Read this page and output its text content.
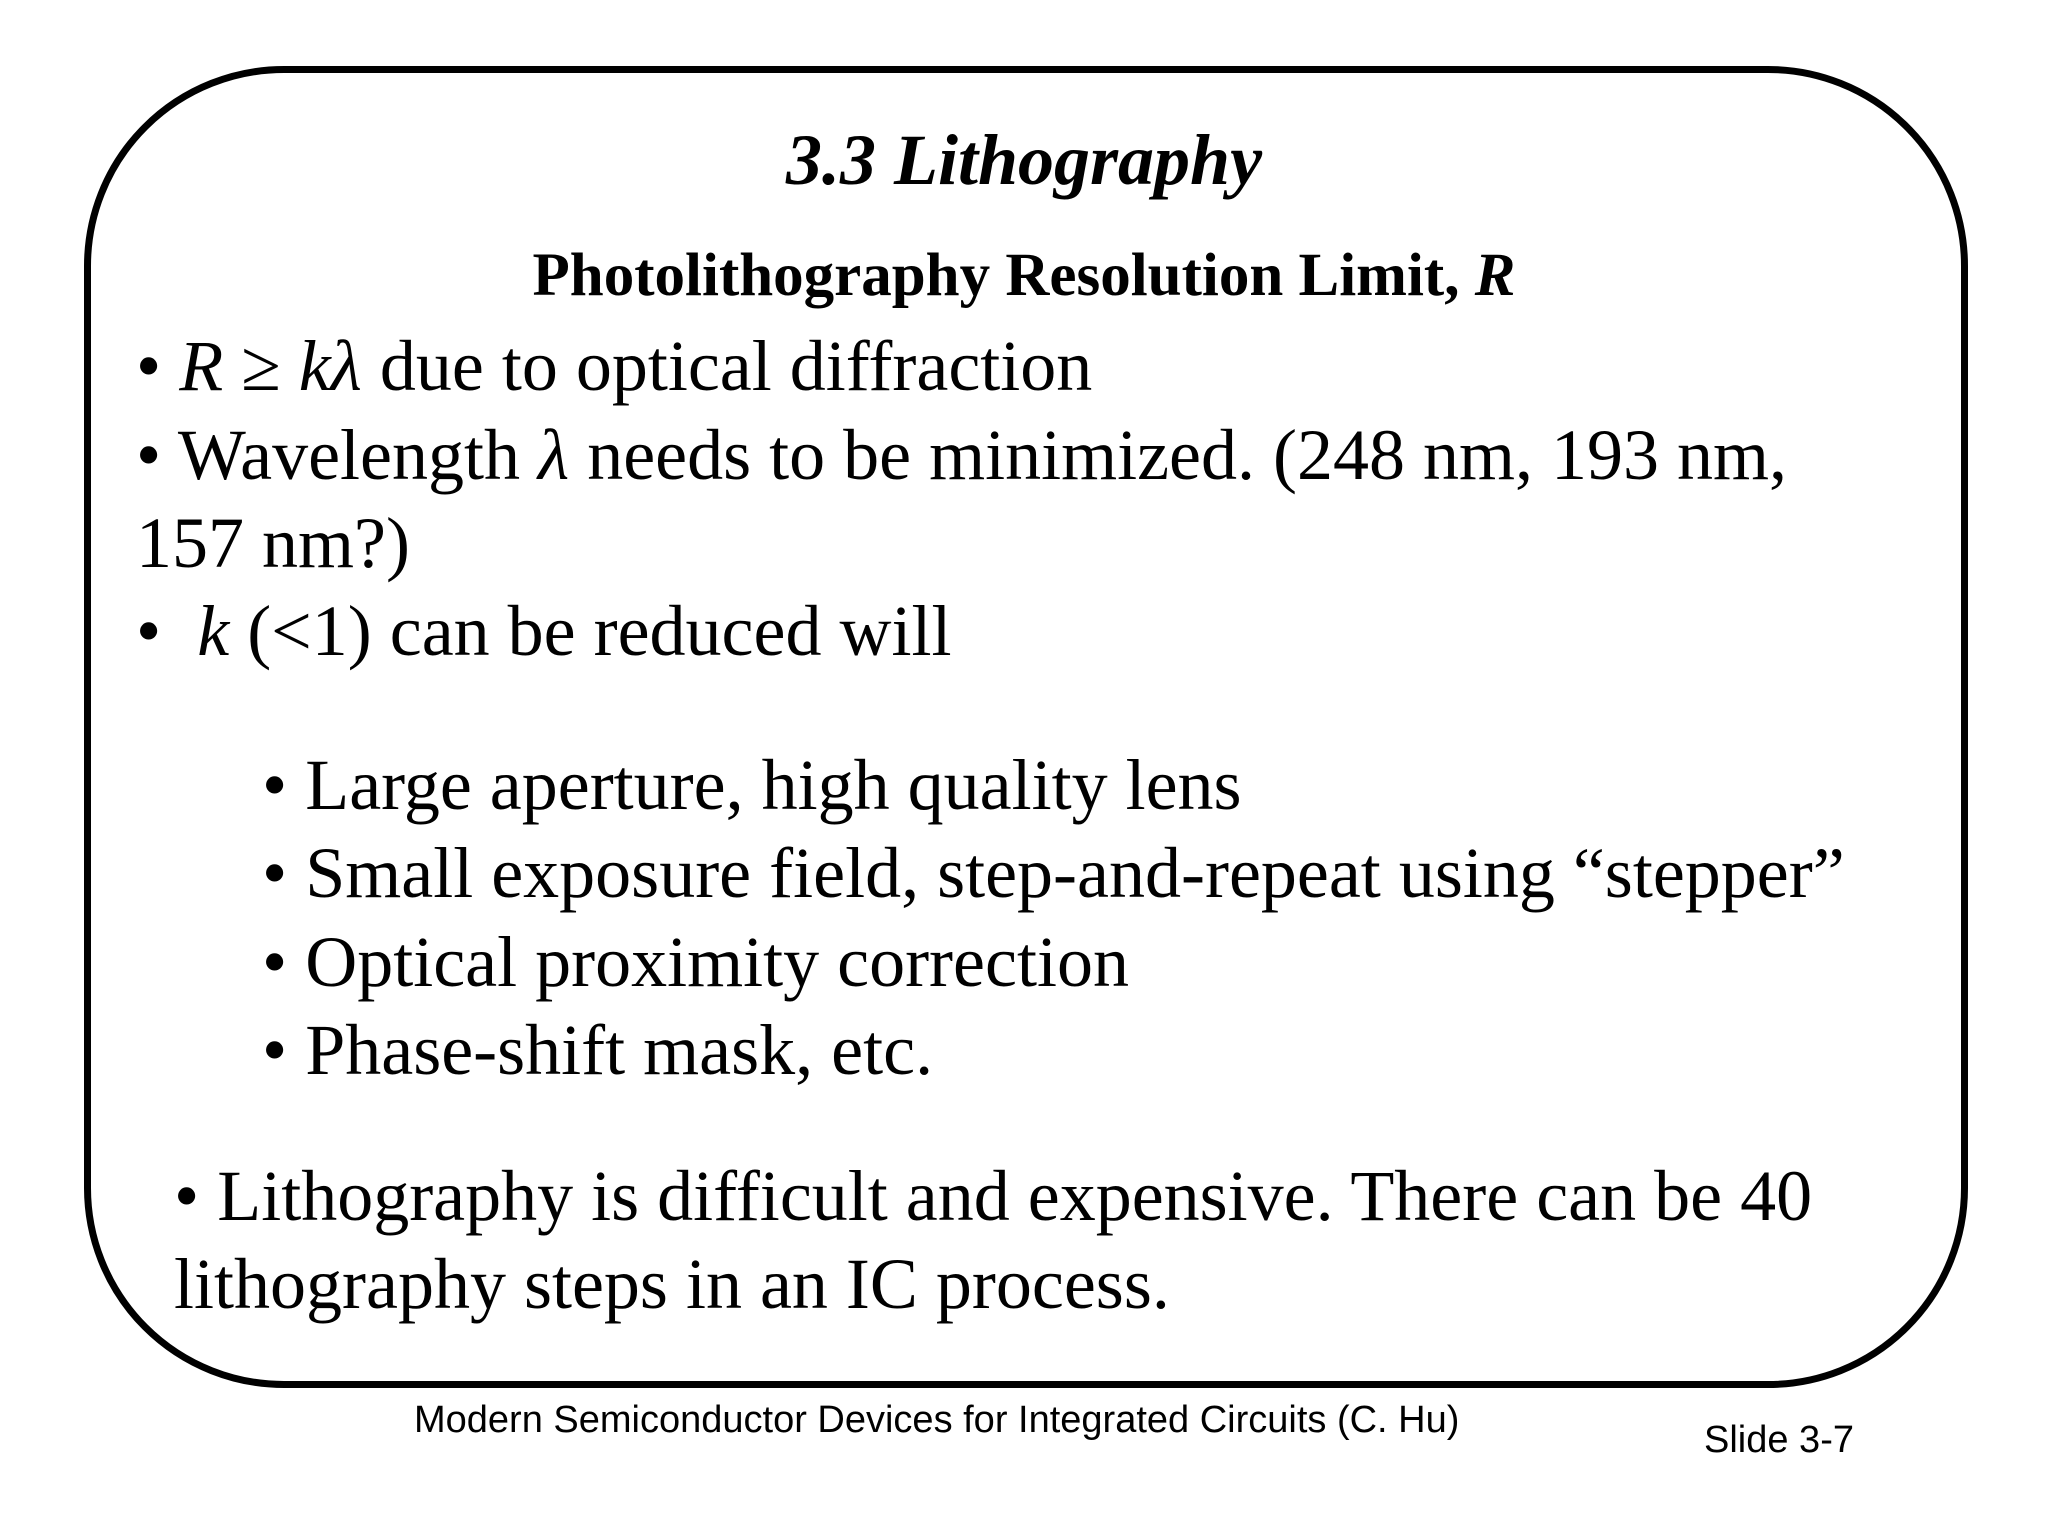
3.3 Lithography
Photolithography Resolution Limit, R
• R ≥ kλ due to optical diffraction
• Wavelength λ needs to be minimized. (248 nm, 193 nm,
157 nm?)
• k (<1) can be reduced will
• Large aperture, high quality lens
• Small exposure field, step-and-repeat using “stepper”
• Optical proximity correction
• Phase-shift mask, etc.
• Lithography is difficult and expensive. There can be 40
lithography steps in an IC process.
Modern Semiconductor Devices for Integrated Circuits (C. Hu)	Slide 3-7
